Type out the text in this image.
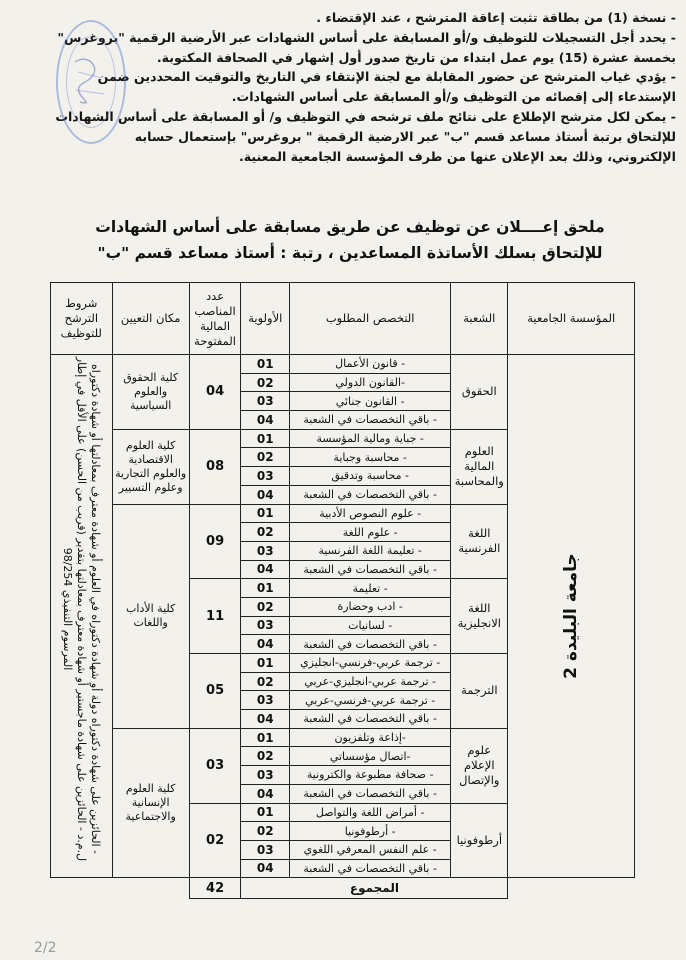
- نسخة (1) من بطاقة تثبت إعاقة المترشح ، عند الإقتضاء .

- يحدد أجل التسجيلات للتوظيف و/أو المسابقة على أساس الشهادات عبر الأرضية الرقمية "بروغرس"

بخمسة عشرة (15) يوم عمل ابتداء من تاريخ صدور أول إشهار في الصحافة المكتوبة.

- يؤدي غياب المترشح عن حضور المقابلة مع لجنة الإنتقاء في التاريخ والتوقيت المحددين ضمن

الإستدعاء إلى إقصائه من التوظيف و/أو المسابقة على أساس الشهادات.

- يمكن لكل مترشح الإطلاع على نتائج ملف ترشحه في التوظيف و/ أو المسابقة على أساس الشهادات

للإلتحاق برتبة أستاذ مساعد قسم "ب" عبر الارضية الرقمية " بروغرس" بإستعمال حسابه

الإلكتروني، وذلك بعد الإعلان عنها من طرف المؤسسة الجامعية المعنية.

ملحق إعــــلان عن توظيف عن طريق مسابقة على أساس الشهادات
للإلتحاق بسلك الأساتذة المساعدين ، رتبة : أستاذ مساعد قسم "ب"
المؤسسة الجامعية	الشعبة	التخصص المطلوب	الأولوية	عدد المناصب المالية المفتوحة	مكان التعيين	شروط الترشح للتوظيف
جامعة البليدة 2	الحقوق	- قانون الأعمال	01	04	كلية الحقوق والعلوم السياسية	- الحائزين على شهادة دكتوراه دولة أو شهادة دكتوراه في العلوم أو شهادة معترف بمعادلتها أو شهادة دكتوراه ل.م.د - الحائزين على شهادة ماجستير أو شهادة معترف بمعادلتها بتقدير (قريب من الحسن) على الأقل في إطار المرسوم التنفيذي 98/254

		-القانون الدولي	02			
		- القانون جنائي	03			
		- باقي التخصصات في الشعبة	04			
	العلوم المالية والمحاسبة	- جباية ومالية المؤسسة	01	08	كلية العلوم الاقتصادية والعلوم التجارية وعلوم التسيير	
		- محاسبة وجباية	02			
		- محاسبة وتدقيق	03			
		- باقي التخصصات في الشعبة	04			
	اللغة الفرنسية	- علوم النصوص الأدبية	01	09	كلية الأداب واللغات	
		- علوم اللغة	02			
		- تعليمة اللغة الفرنسية	03			
		- باقي التخصصات في الشعبة	04			
	اللغة الانجليزية	- تعليمة	01	11		
		- ادب وحضارة	02			
		- لسانيات	03			
		- باقي التخصصات في الشعبة	04			
	الترجمة	- ترجمة عربي-فرنسي-انجليزي	01	05		
		- ترجمة عربي-انجليزي-عربي	02			
		- ترجمة عربي-فرنسي-عربي	03			
		- باقي التخصصات في الشعبة	04			
	علوم الإعلام والإتصال	-إذاعة وتلفزيون	01	03	كلية العلوم الإنسانية والاجتماعية	
		-اتصال مؤسساتي	02			
		- صحافة مطبوعة والكترونية	03			
		- باقي التخصصات في الشعبة	04			
	أرطوفونيا	- أمراض اللغة والتواصل	01	02		
		- أرطوفونيا	02			
		- علم النفس المعرفي اللغوي	03			
		- باقي التخصصات في الشعبة	04			
	المجموع			42		
2/2
